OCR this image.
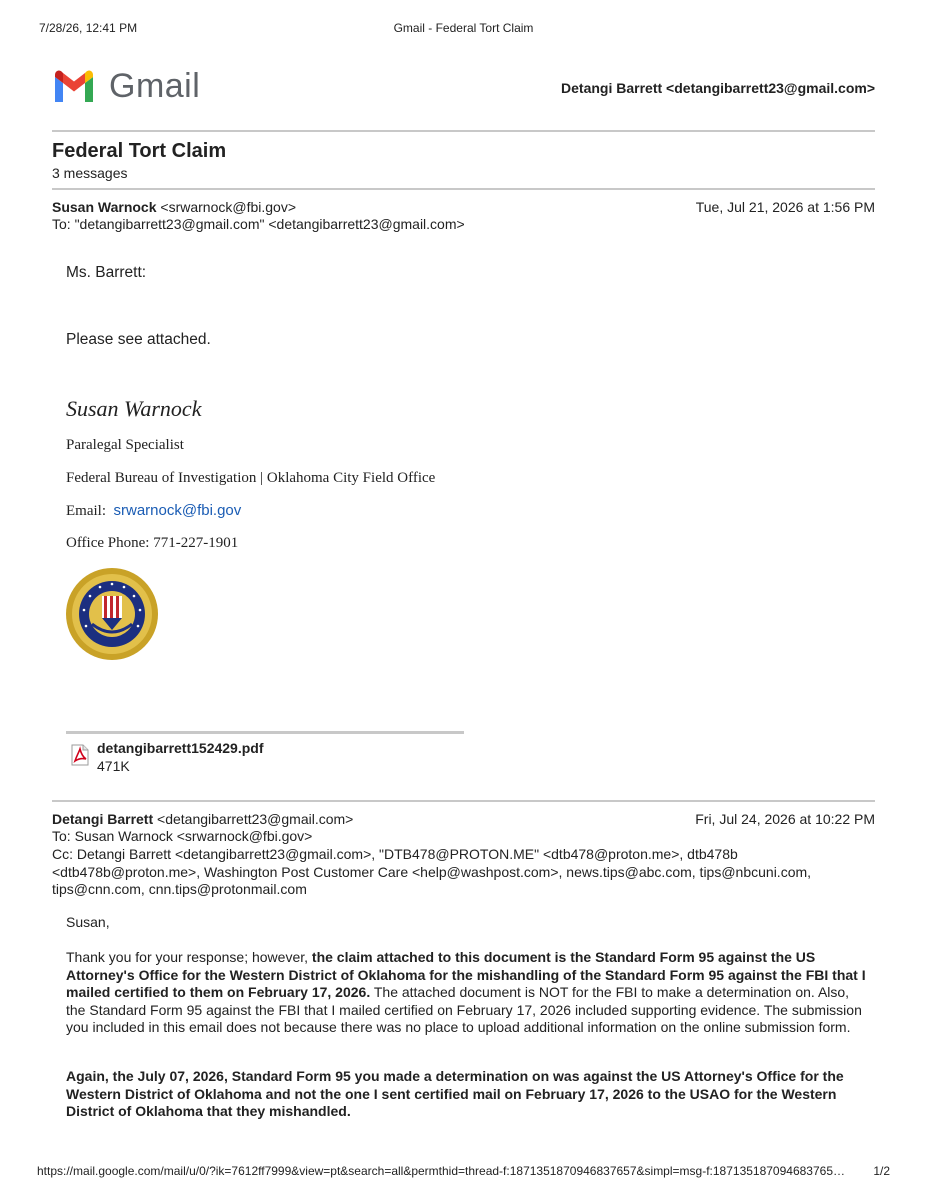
7/28/26, 12:41 PM	Gmail - Federal Tort Claim
Gmail	Detangi Barrett <detangibarrett23@gmail.com>
Federal Tort Claim
3 messages
Susan Warnock <srwarnock@fbi.gov>	Tue, Jul 21, 2026 at 1:56 PM
To: "detangibarrett23@gmail.com" <detangibarrett23@gmail.com>
Ms. Barrett:
Please see attached.
Susan Warnock
Paralegal Specialist
Federal Bureau of Investigation | Oklahoma City Field Office
Email: srwarnock@fbi.gov
Office Phone: 771-227-1901
detangibarrett152429.pdf
471K
Detangi Barrett <detangibarrett23@gmail.com>	Fri, Jul 24, 2026 at 10:22 PM
To: Susan Warnock <srwarnock@fbi.gov>
Cc: Detangi Barrett <detangibarrett23@gmail.com>, "DTB478@PROTON.ME" <dtb478@proton.me>, dtb478b <dtb478b@proton.me>, Washington Post Customer Care <help@washpost.com>, news.tips@abc.com, tips@nbcuni.com, tips@cnn.com, cnn.tips@protonmail.com
Susan,
Thank you for your response; however, the claim attached to this document is the Standard Form 95 against the US Attorney's Office for the Western District of Oklahoma for the mishandling of the Standard Form 95 against the FBI that I mailed certified to them on February 17, 2026. The attached document is NOT for the FBI to make a determination on. Also, the Standard Form 95 against the FBI that I mailed certified on February 17, 2026 included supporting evidence. The submission you included in this email does not because there was no place to upload additional information on the online submission form.
Again, the July 07, 2026, Standard Form 95 you made a determination on was against the US Attorney's Office for the Western District of Oklahoma and not the one I sent certified mail on February 17, 2026 to the USAO for the Western District of Oklahoma that they mishandled.
https://mail.google.com/mail/u/0/?ik=7612ff7999&view=pt&search=all&permthid=thread-f:1871351870946837657&simpl=msg-f:187135187094683765… 1/2
